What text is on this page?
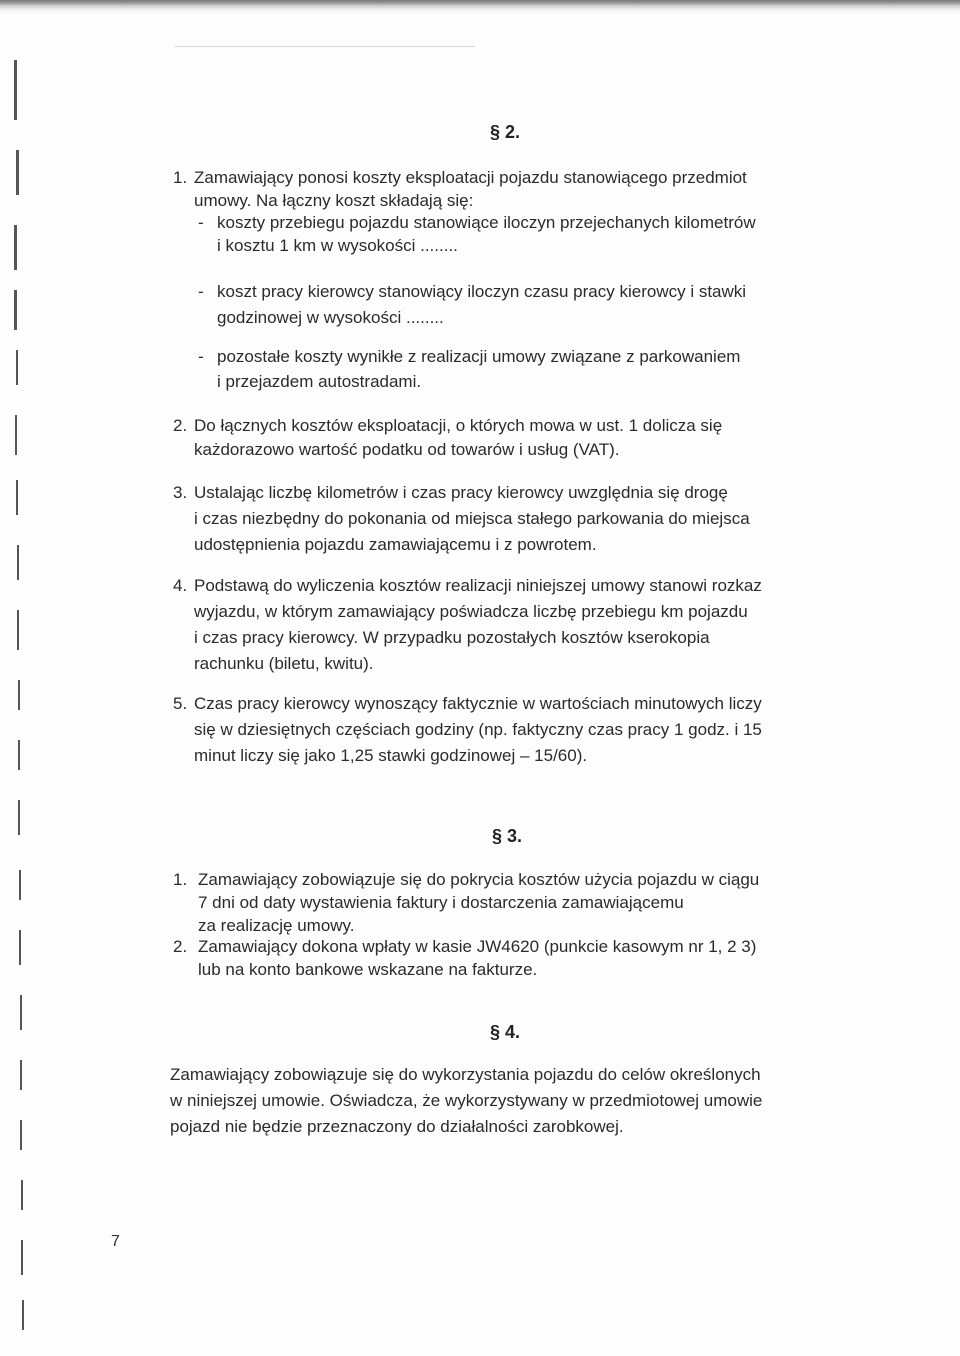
§ 2.
1. Zamawiający ponosi koszty eksploatacji pojazdu stanowiącego przedmiot
umowy. Na łączny koszt składają się:
- koszty przebiegu pojazdu stanowiące iloczyn przejechanych kilometrów
i kosztu 1 km w wysokości ........
- koszt pracy kierowcy stanowiący iloczyn czasu pracy kierowcy i stawki
godzinowej w wysokości ........
- pozostałe koszty wynikłe z realizacji umowy związane z parkowaniem
i przejazdem autostradami.
2. Do łącznych kosztów eksploatacji, o których mowa w ust. 1 dolicza się
każdorazowo wartość podatku od towarów i usług (VAT).
3. Ustalając liczbę kilometrów i czas pracy kierowcy uwzględnia się drogę
i czas niezbędny do pokonania od miejsca stałego parkowania do miejsca
udostępnienia pojazdu zamawiającemu i z powrotem.
4. Podstawą do wyliczenia kosztów realizacji niniejszej umowy stanowi rozkaz
wyjazdu, w którym zamawiający poświadcza liczbę przebiegu km pojazdu
i czas pracy kierowcy. W przypadku pozostałych kosztów kserokopia
rachunku (biletu, kwitu).
5. Czas pracy kierowcy wynoszący faktycznie w wartościach minutowych liczy
się w dziesiętnych częściach godziny (np. faktyczny czas pracy 1 godz. i 15
minut liczy się jako 1,25 stawki godzinowej – 15/60).
§ 3.
1. Zamawiający zobowiązuje się do pokrycia kosztów użycia pojazdu w ciągu
7 dni od daty wystawienia faktury i dostarczenia zamawiającemu
za realizację umowy.
2. Zamawiający dokona wpłaty w kasie JW4620 (punkcie kasowym nr 1, 2 3)
lub na konto bankowe wskazane na fakturze.
§ 4.
Zamawiający zobowiązuje się do wykorzystania pojazdu do celów określonych
w niniejszej umowie. Oświadcza, że wykorzystywany w przedmiotowej umowie
pojazd nie będzie przeznaczony do działalności zarobkowej.
7
